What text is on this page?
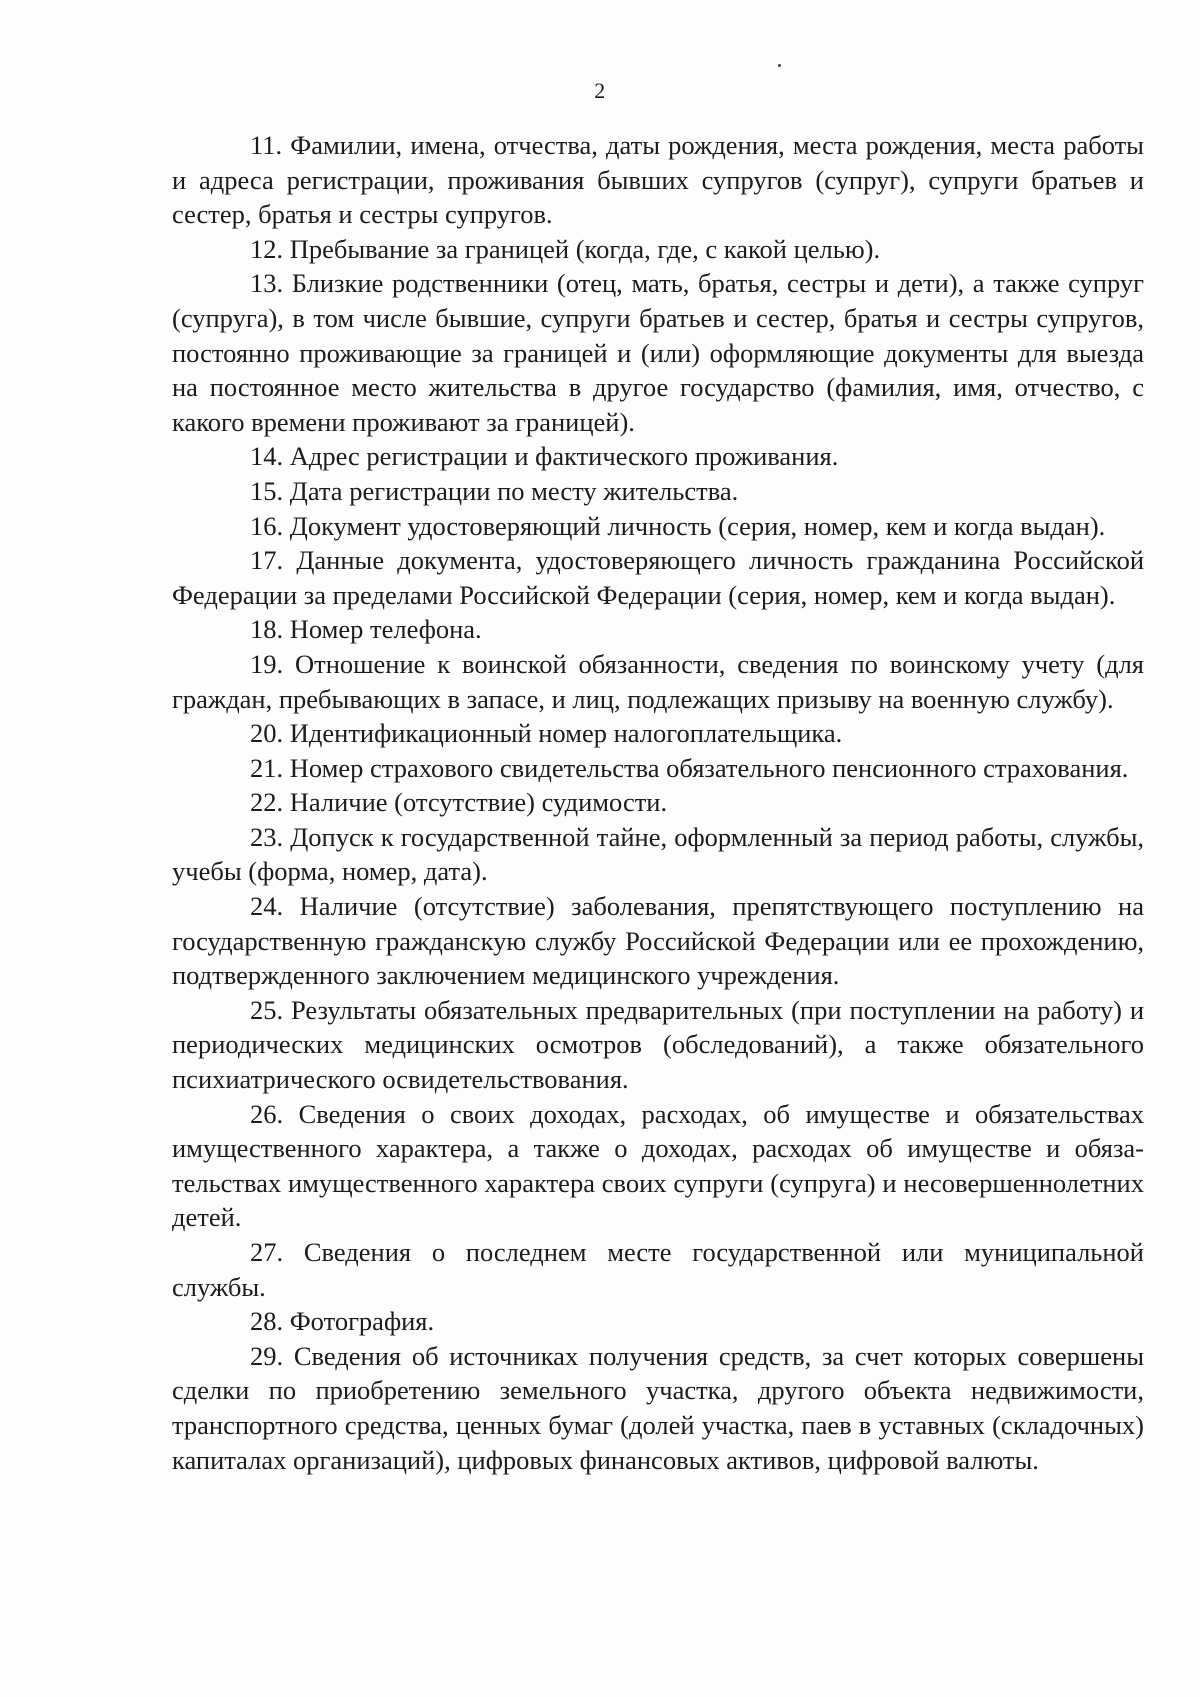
2

11. Фамилии, имена, отчества, даты рождения, места рождения, места работы и адреса регистрации, проживания бывших супругов (супруг), супруги братьев и сестер, братья и сестры супругов.

12. Пребывание за границей (когда, где, с какой целью).

13. Близкие родственники (отец, мать, братья, сестры и дети), а также супруг (супруга), в том числе бывшие, супруги братьев и сестер, братья и сестры супругов, постоянно проживающие за границей и (или) оформляющие документы для выезда на постоянное место жительства в другое государство (фамилия, имя, отчество, с какого времени проживают за границей).

14. Адрес регистрации и фактического проживания.

15. Дата регистрации по месту жительства.

16. Документ удостоверяющий личность (серия, номер, кем и когда выдан).

17. Данные документа, удостоверяющего личность гражданина Российской Федерации за пределами Российской Федерации (серия, номер, кем и когда выдан).

18. Номер телефона.

19. Отношение к воинской обязанности, сведения по воинскому учету (для граждан, пребывающих в запасе, и лиц, подлежащих призыву на военную службу).

20. Идентификационный номер налогоплательщика.

21. Номер страхового свидетельства обязательного пенсионного страхования.

22. Наличие (отсутствие) судимости.

23. Допуск к государственной тайне, оформленный за период работы, службы, учебы (форма, номер, дата).

24. Наличие (отсутствие) заболевания, препятствующего поступлению на государственную гражданскую службу Российской Федерации или ее прохождению, подтвержденного заключением медицинского учреждения.

25. Результаты обязательных предварительных (при поступлении на работу) и периодических медицинских осмотров (обследований), а также обязательного психиатрического освидетельствования.

26. Сведения о своих доходах, расходах, об имуществе и обязательствах имущественного характера, а также о доходах, расходах об имуществе и обязательствах имущественного характера своих супруги (супруга) и несовершеннолетних детей.

27. Сведения о последнем месте государственной или муниципальной службы.

28. Фотография.

29. Сведения об источниках получения средств, за счет которых совершены сделки по приобретению земельного участка, другого объекта недвижимости, транспортного средства, ценных бумаг (долей участка, паев в уставных (складочных) капиталах организаций), цифровых финансовых активов, цифровой валюты.
